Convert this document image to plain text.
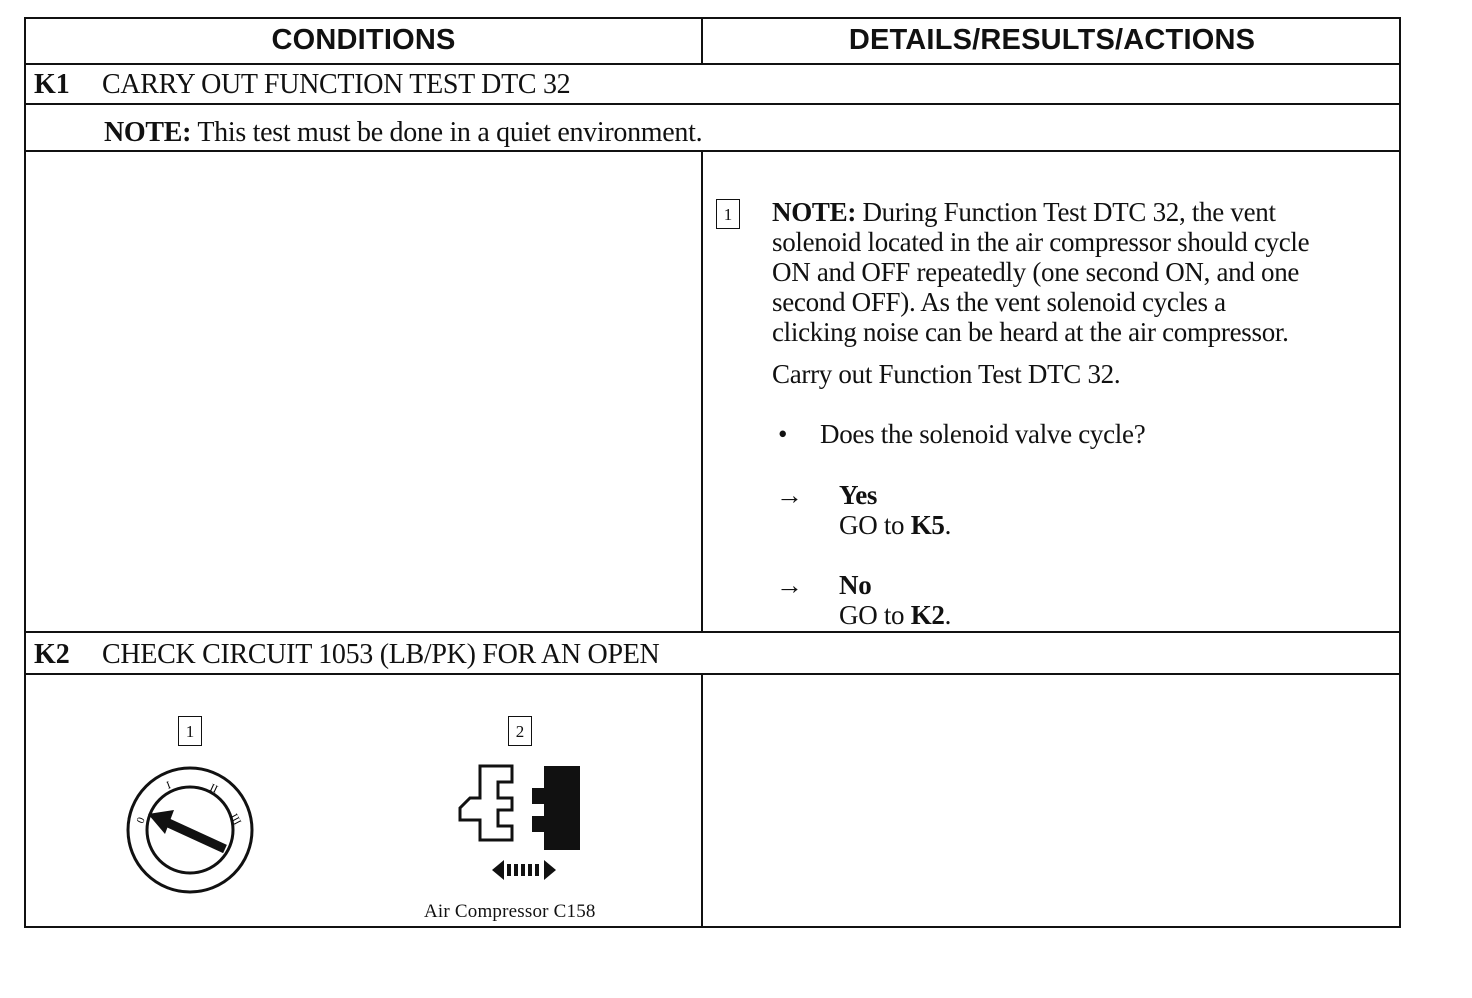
CONDITIONS	DETAILS/RESULTS/ACTIONS
K1 CARRY OUT FUNCTION TEST DTC 32
NOTE: This test must be done in a quiet environment.
1 NOTE: During Function Test DTC 32, the vent
solenoid located in the air compressor should cycle
ON and OFF repeatedly (one second ON, and one
second OFF). As the vent solenoid cycles a
clicking noise can be heard at the air compressor.
Carry out Function Test DTC 32.
• Does the solenoid valve cycle?
→ Yes
GO to K5.
→ No
GO to K2.
K2 CHECK CIRCUIT 1053 (LB/PK) FOR AN OPEN
1
0
I	II
III
2
Air Compressor C158
